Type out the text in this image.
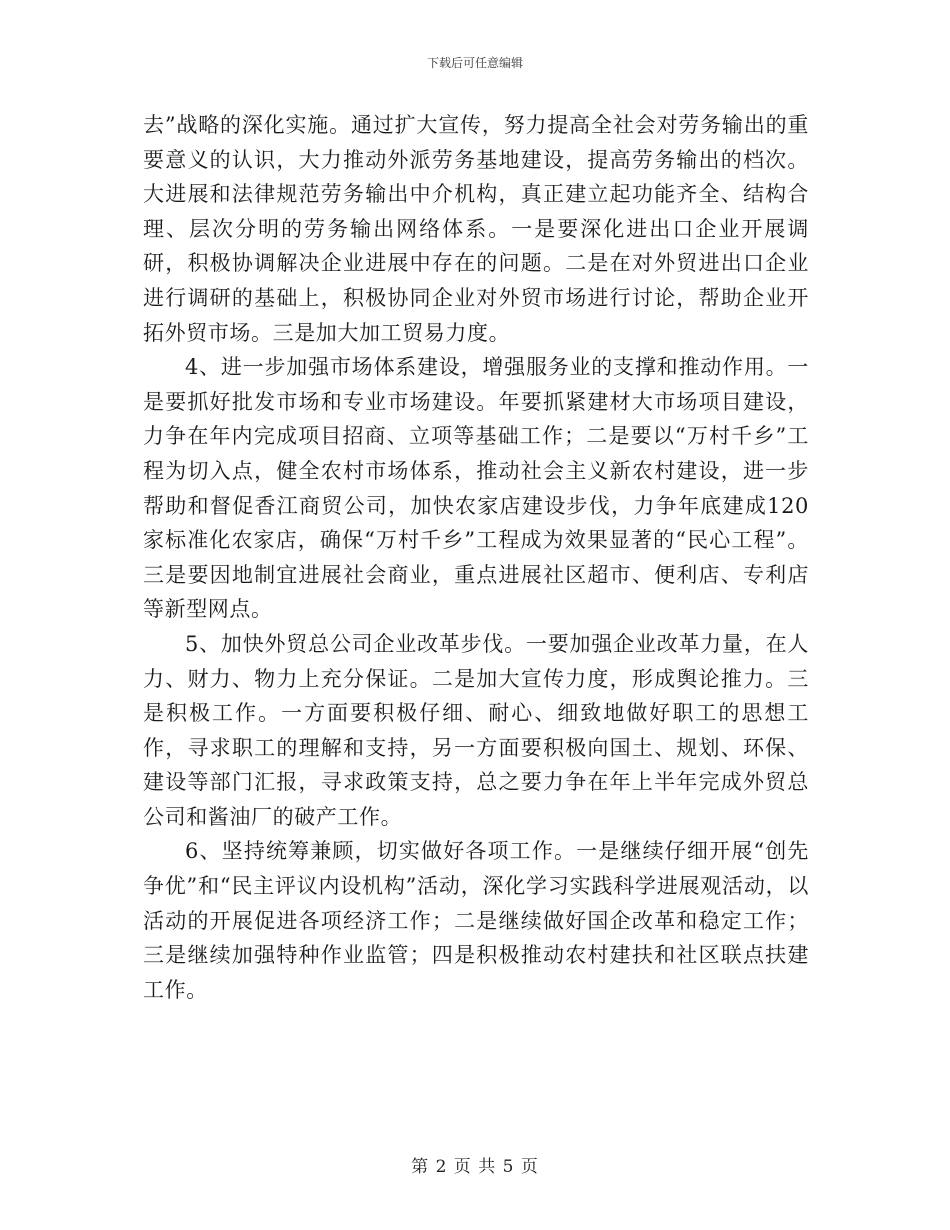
下载后可任意编辑

去”战略的深化实施。通过扩大宣传，努力提高全社会对劳务输出的重要意义的认识，大力推动外派劳务基地建设，提高劳务输出的档次。大进展和法律规范劳务输出中介机构，真正建立起功能齐全、结构合理、层次分明的劳务输出网络体系。一是要深化进出口企业开展调研，积极协调解决企业进展中存在的问题。二是在对外贸进出口企业进行调研的基础上，积极协同企业对外贸市场进行讨论，帮助企业开拓外贸市场。三是加大加工贸易力度。

4、进一步加强市场体系建设，增强服务业的支撑和推动作用。一是要抓好批发市场和专业市场建设。年要抓紧建材大市场项目建设，力争在年内完成项目招商、立项等基础工作；二是要以“万村千乡”工程为切入点，健全农村市场体系，推动社会主义新农村建设，进一步帮助和督促香江商贸公司，加快农家店建设步伐，力争年底建成120家标准化农家店，确保“万村千乡”工程成为效果显著的“民心工程”。三是要因地制宜进展社会商业，重点进展社区超市、便利店、专利店等新型网点。

5、加快外贸总公司企业改革步伐。一要加强企业改革力量，在人力、财力、物力上充分保证。二是加大宣传力度，形成舆论推力。三是积极工作。一方面要积极仔细、耐心、细致地做好职工的思想工作，寻求职工的理解和支持，另一方面要积极向国土、规划、环保、建设等部门汇报，寻求政策支持，总之要力争在年上半年完成外贸总公司和酱油厂的破产工作。

6、坚持统筹兼顾，切实做好各项工作。一是继续仔细开展“创先争优”和“民主评议内设机构”活动，深化学习实践科学进展观活动，以活动的开展促进各项经济工作；二是继续做好国企改革和稳定工作；三是继续加强特种作业监管；四是积极推动农村建扶和社区联点扶建工作。

第 2 页 共 5 页
